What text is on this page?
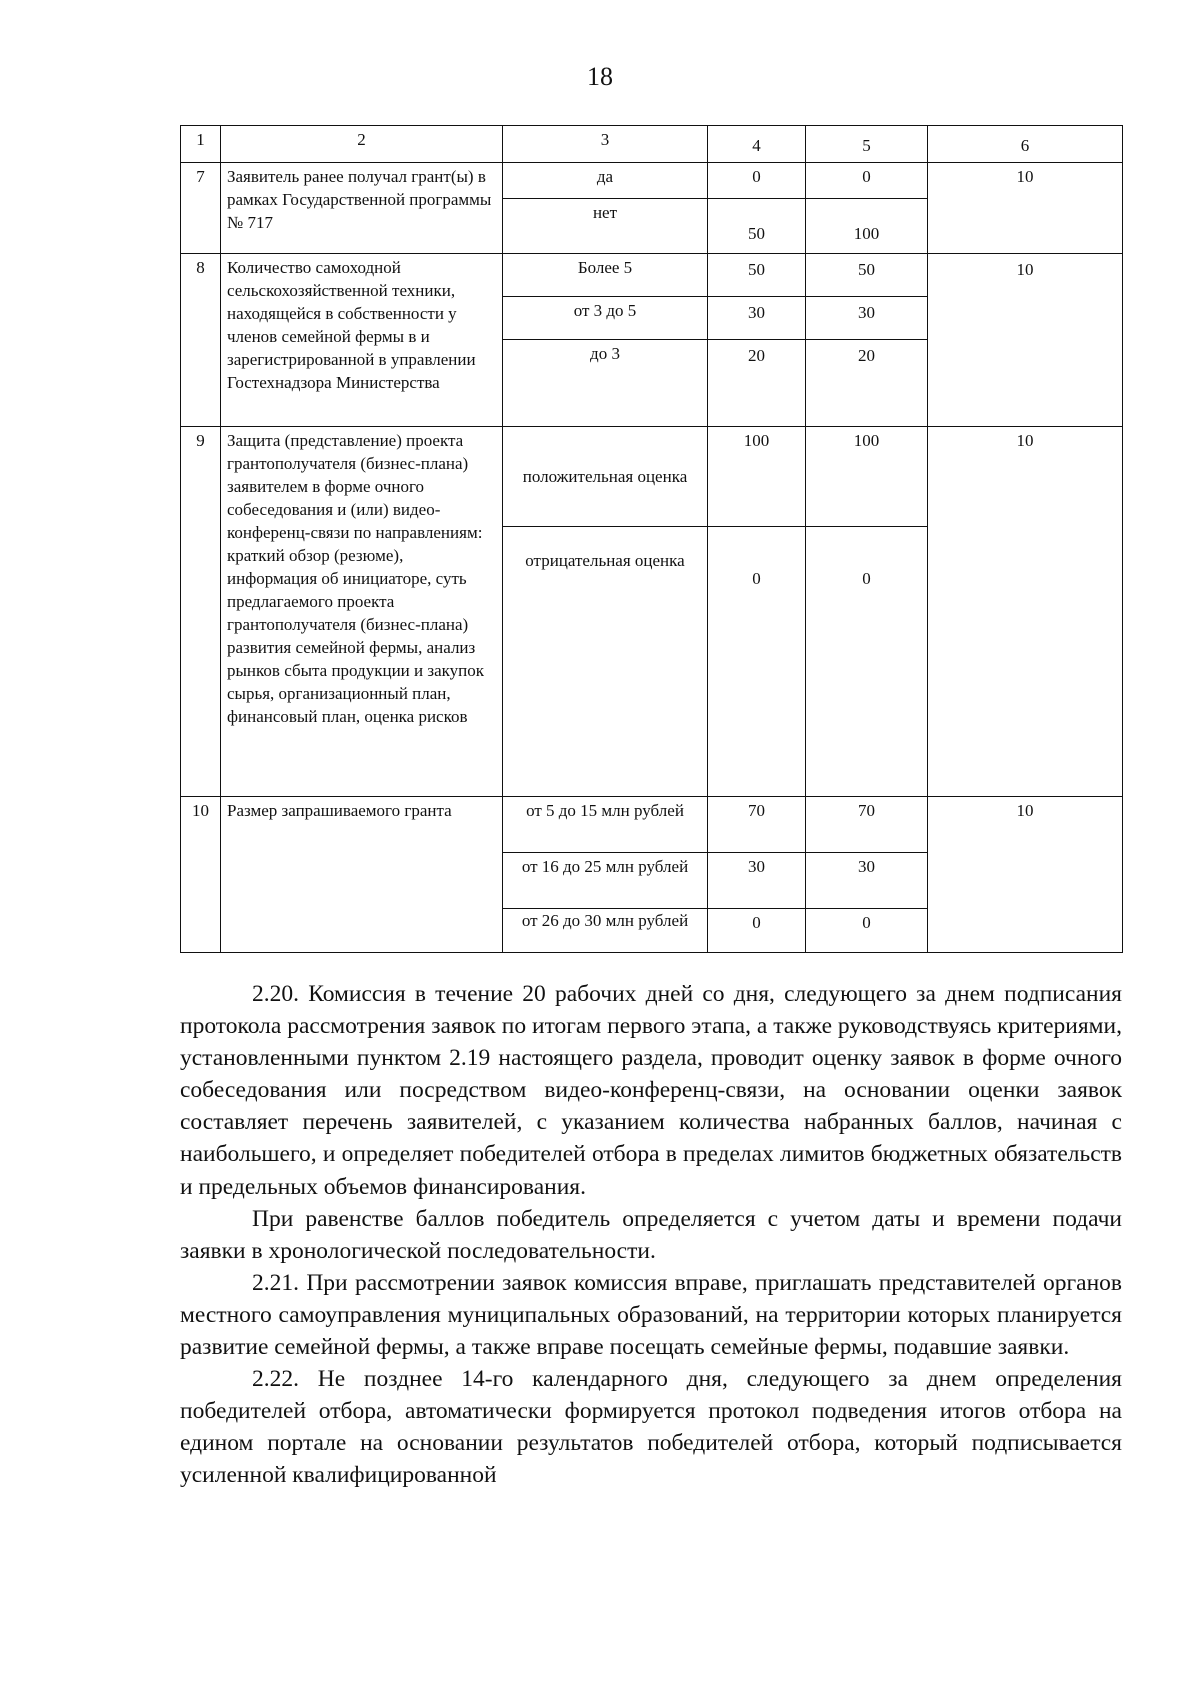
18
1	2	3	4	5	6
7	Заявитель ранее получал грант(ы) в рамках Государственной программы № 717	да	0	0	10
		нет	50	100	
8	Количество самоходной сельскохозяйственной техники, находящейся в собственности у членов семейной фермы в и зарегистрированной в управлении Гостехнадзора Министерства	Более 5	50	50	10
		от 3 до 5	30	30	
		до 3	20	20	
9	Защита (представление) проекта грантополучателя (бизнес-плана) заявителем в форме очного собеседования и (или) видео-конференц-связи по направлениям: краткий обзор (резюме), информация об инициаторе, суть предлагаемого проекта грантополучателя (бизнес-плана) развития семейной фермы, анализ рынков сбыта продукции и закупок сырья, организационный план, финансовый план, оценка рисков	положительная оценка	100	100	10
		отрицательная оценка	0	0	
10	Размер запрашиваемого гранта	от 5 до 15 млн рублей	70	70	10
		от 16 до 25 млн рублей	30	30	
		от 26 до 30 млн рублей	0	0	

2.20. Комиссия в течение 20 рабочих дней со дня, следующего за днем подписания протокола рассмотрения заявок по итогам первого этапа, а также руководствуясь критериями, установленными пунктом 2.19 настоящего раздела, проводит оценку заявок в форме очного собеседования или посредством видео-конференц-связи, на основании оценки заявок составляет перечень заявителей, с указанием количества набранных баллов, начиная с наибольшего, и определяет победителей отбора в пределах лимитов бюджетных обязательств и предельных объемов финансирования.

При равенстве баллов победитель определяется с учетом даты и времени подачи заявки в хронологической последовательности.

2.21. При рассмотрении заявок комиссия вправе, приглашать представителей органов местного самоуправления муниципальных образований, на территории которых планируется развитие семейной фермы, а также вправе посещать семейные фермы, подавшие заявки.

2.22. Не позднее 14-го календарного дня, следующего за днем определения победителей отбора, автоматически формируется протокол подведения итогов отбора на едином портале на основании результатов победителей отбора, который подписывается усиленной квалифицированной
